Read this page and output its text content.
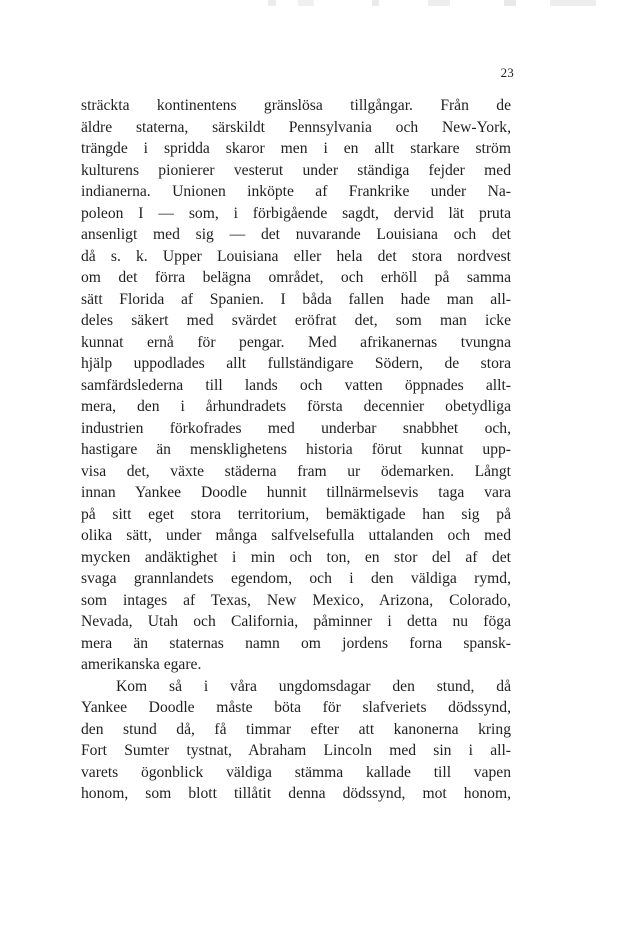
23
sträckta kontinentens gränslösa tillgångar. Från de
äldre staterna, särskildt Pennsylvania och New-York,
trängde i spridda skaror men i en allt starkare ström
kulturens pionierer vesterut under ständiga fejder med
indianerna. Unionen inköpte af Frankrike under Na-
poleon I — som, i förbigående sagdt, dervid lät pruta
ansenligt med sig — det nuvarande Louisiana och det
då s. k. Upper Louisiana eller hela det stora nordvest
om det förra belägna området, och erhöll på samma
sätt Florida af Spanien. I båda fallen hade man all-
deles säkert med svärdet eröfrat det, som man icke
kunnat ernå för pengar. Med afrikanernas tvungna
hjälp uppodlades allt fullständigare Södern, de stora
samfärdslederna till lands och vatten öppnades allt-
mera, den i århundradets första decennier obetydliga
industrien förkofrades med underbar snabbhet och,
hastigare än mensklighetens historia förut kunnat upp-
visa det, växte städerna fram ur ödemarken. Långt
innan Yankee Doodle hunnit tillnärmelsevis taga vara
på sitt eget stora territorium, bemäktigade han sig på
olika sätt, under många salfvelsefulla uttalanden och med
mycken andäktighet i min och ton, en stor del af det
svaga grannlandets egendom, och i den väldiga rymd,
som intages af Texas, New Mexico, Arizona, Colorado,
Nevada, Utah och California, påminner i detta nu föga
mera än staternas namn om jordens forna spansk-
amerikanska egare.
Kom så i våra ungdomsdagar den stund, då
Yankee Doodle måste böta för slafveriets dödssynd,
den stund då, få timmar efter att kanonerna kring
Fort Sumter tystnat, Abraham Lincoln med sin i all-
varets ögonblick väldiga stämma kallade till vapen
honom, som blott tillåtit denna dödssynd, mot honom,
